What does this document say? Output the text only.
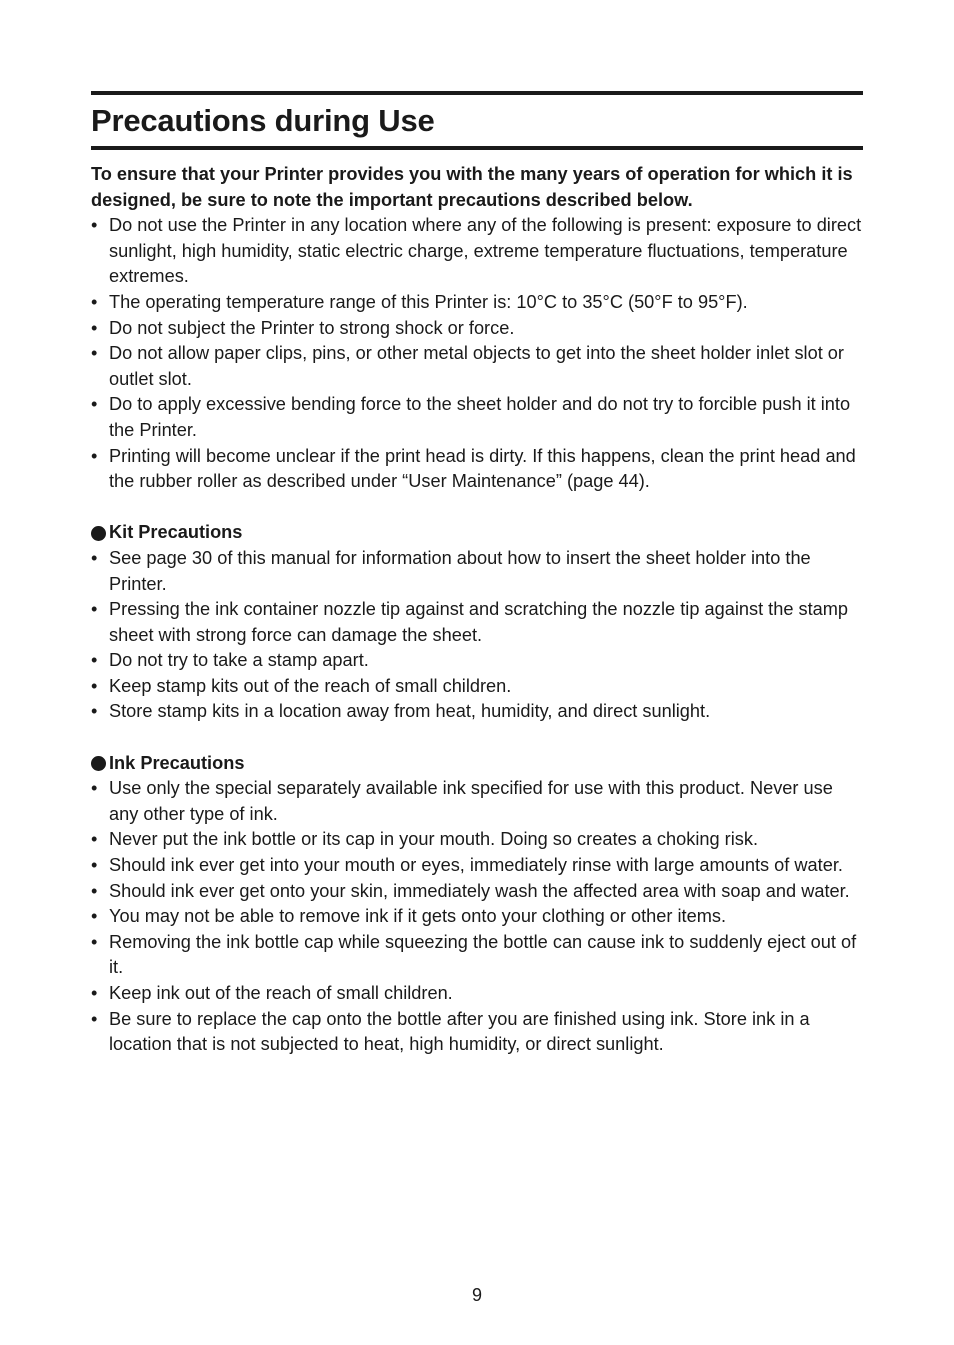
Precautions during Use

To ensure that your Printer provides you with the many years of operation for which it is designed, be sure to note the important precautions described below.

• Do not use the Printer in any location where any of the following is present: exposure to direct sunlight, high humidity, static electric charge, extreme temperature fluctuations, temperature extremes.
• The operating temperature range of this Printer is: 10°C to 35°C (50°F to 95°F).
• Do not subject the Printer to strong shock or force.
• Do not allow paper clips, pins, or other metal objects to get into the sheet holder inlet slot or outlet slot.
• Do to apply excessive bending force to the sheet holder and do not try to forcible push it into the Printer.
• Printing will become unclear if the print head is dirty. If this happens, clean the print head and the rubber roller as described under “User Maintenance” (page 44).
Kit Precautions
• See page 30 of this manual for information about how to insert the sheet holder into the Printer.
• Pressing the ink container nozzle tip against and scratching the nozzle tip against the stamp sheet with strong force can damage the sheet.
• Do not try to take a stamp apart.
• Keep stamp kits out of the reach of small children.
• Store stamp kits in a location away from heat, humidity, and direct sunlight.
Ink Precautions
• Use only the special separately available ink specified for use with this product. Never use any other type of ink.
• Never put the ink bottle or its cap in your mouth. Doing so creates a choking risk.
• Should ink ever get into your mouth or eyes, immediately rinse with large amounts of water.
• Should ink ever get onto your skin, immediately wash the affected area with soap and water.
• You may not be able to remove ink if it gets onto your clothing or other items.
• Removing the ink bottle cap while squeezing the bottle can cause ink to suddenly eject out of it.
• Keep ink out of the reach of small children.
• Be sure to replace the cap onto the bottle after you are finished using ink. Store ink in a location that is not subjected to heat, high humidity, or direct sunlight.
9
